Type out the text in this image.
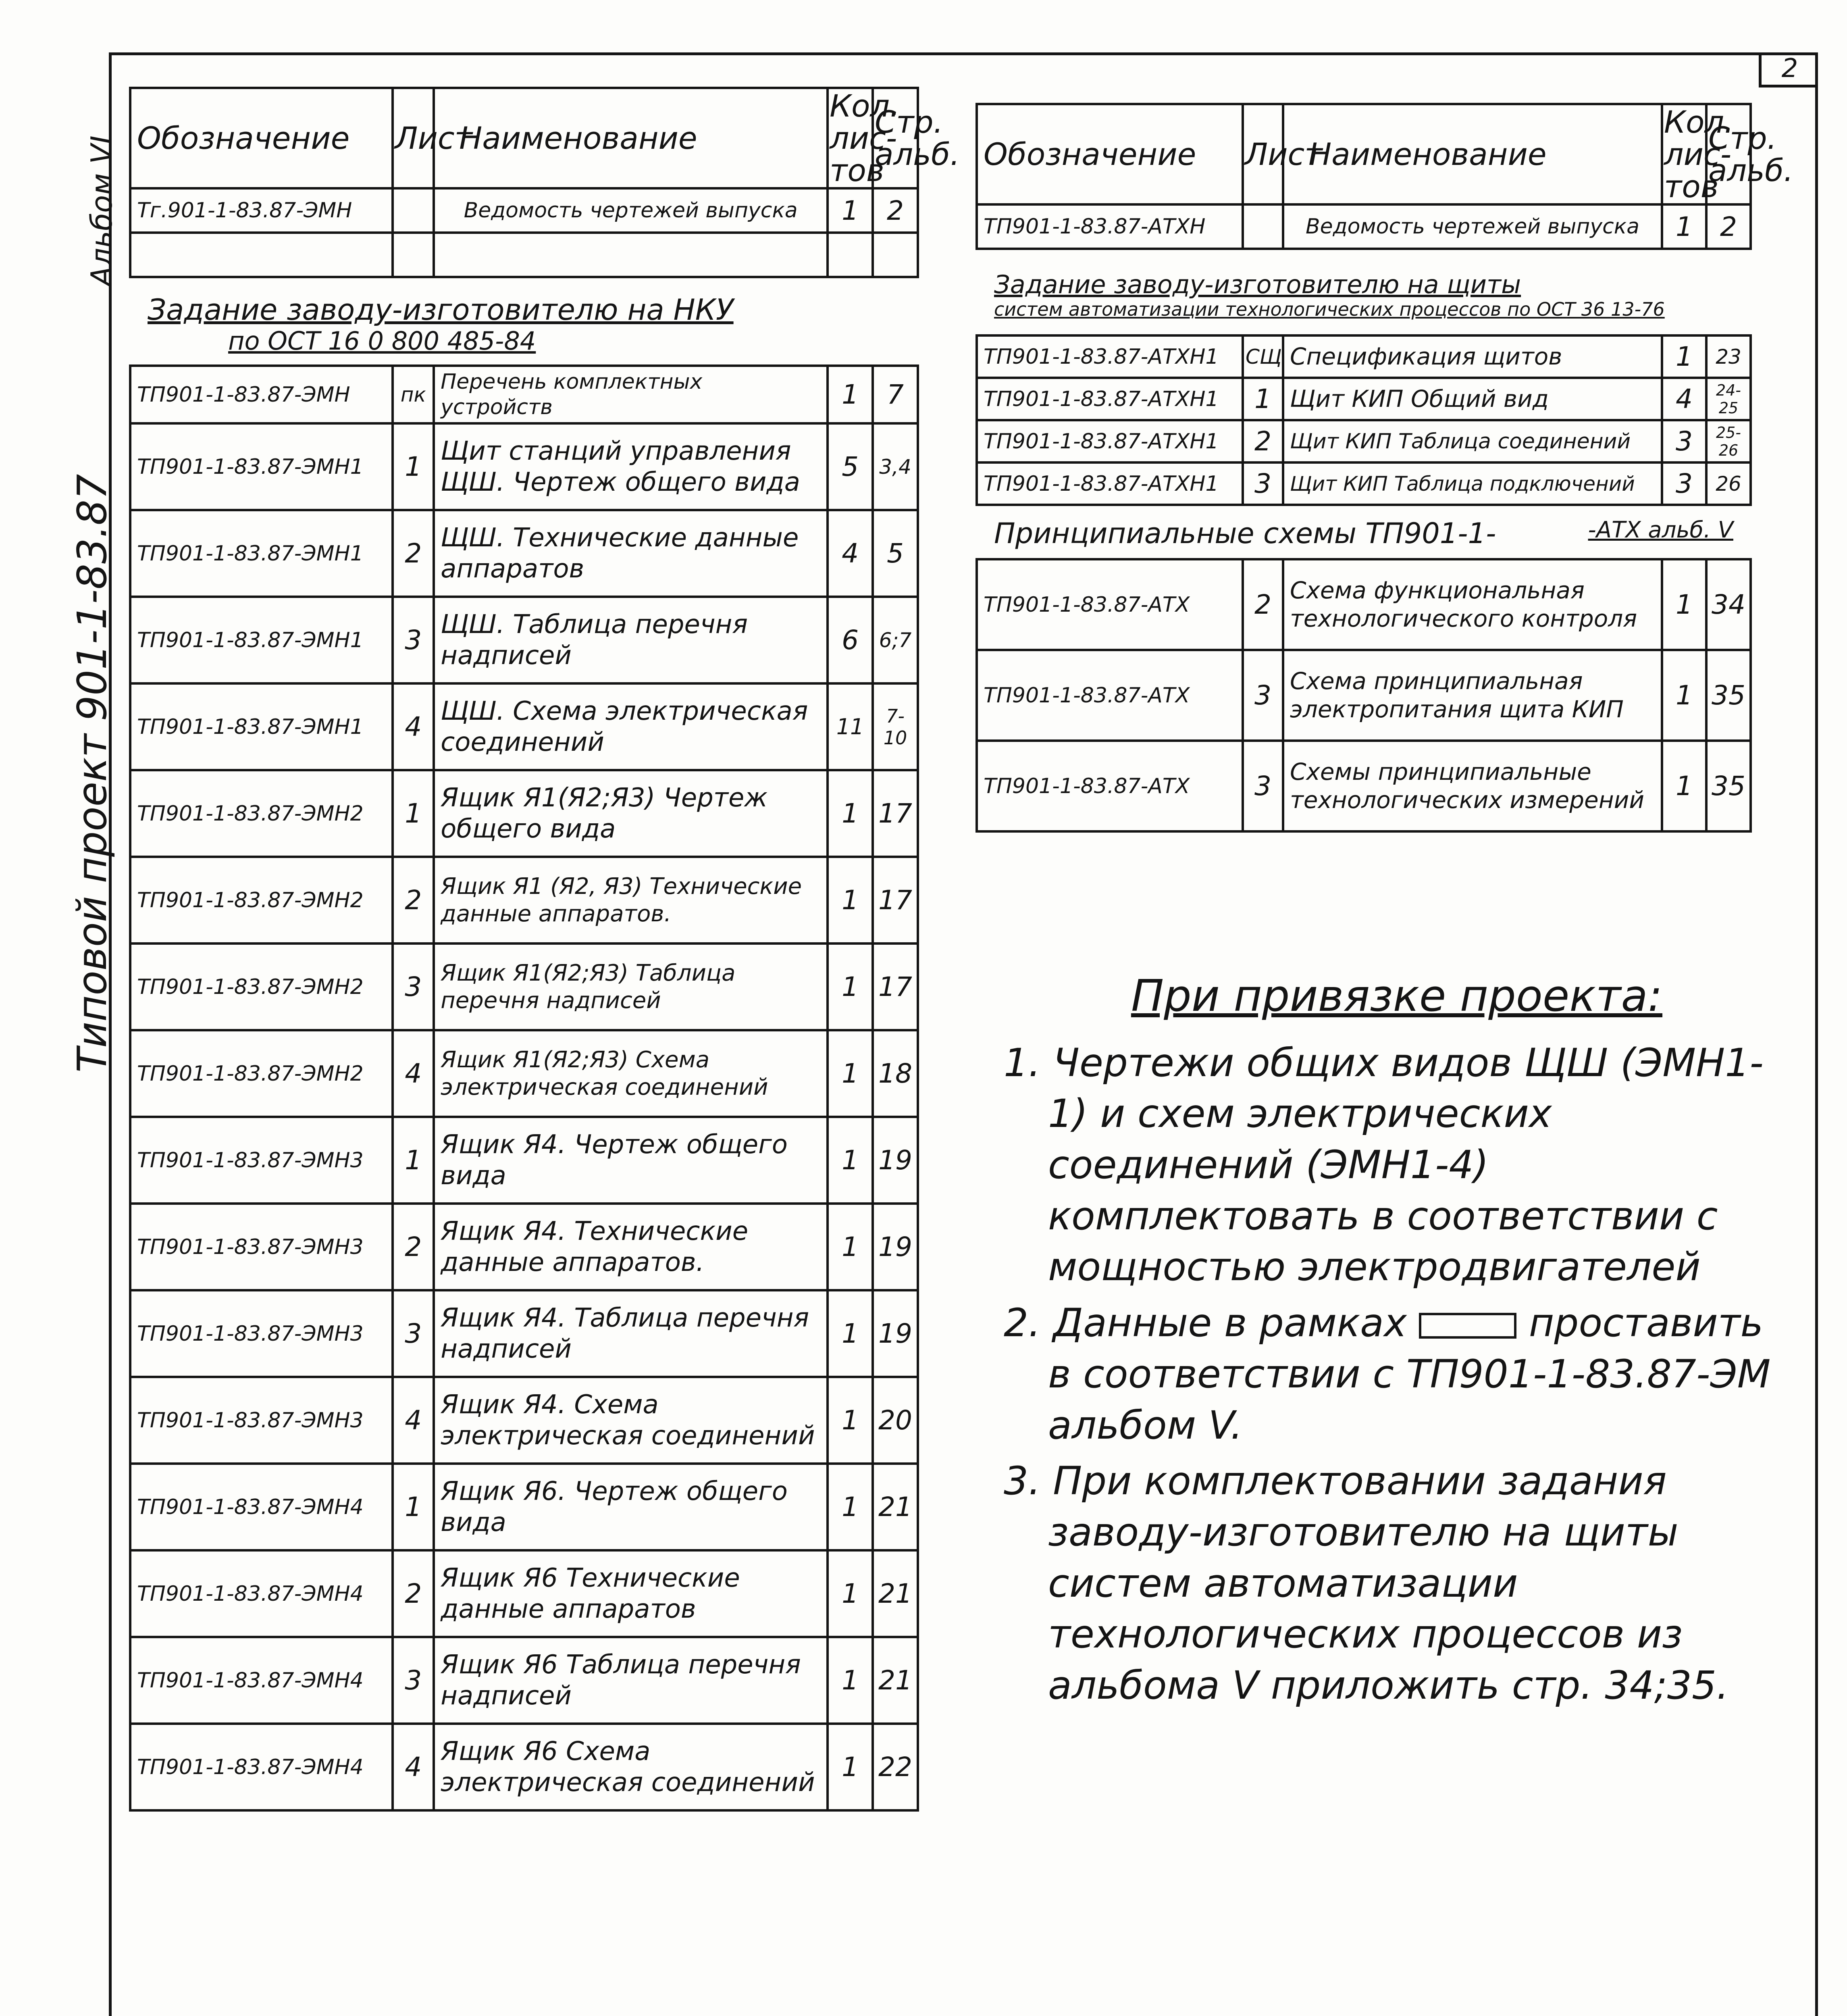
2
Альбом VI
Типовой проект 901-1-83.87
Обозначение	Лист	Наименование	Кол. лис- тов	Стр. альб.
Тг.901-1-83.87-ЭМН		Ведомость чертежей выпуска	1	2

Задание заводу-изготовителю на НКУ
по ОСТ 16 0 800 485-84				

ТП901-1-83.87-ЭМН	пк	Перечень комплектных устройств	1	7
ТП901-1-83.87-ЭМН1	1	Щит станций управления ЩШ. Чертеж общего вида	5	3,4
ТП901-1-83.87-ЭМН1	2	ЩШ. Технические данные аппаратов	4	5
ТП901-1-83.87-ЭМН1	3	ЩШ. Таблица перечня надписей	6	6;7
ТП901-1-83.87-ЭМН1	4	ЩШ. Схема электрическая соединений	11	7-10
ТП901-1-83.87-ЭМН2	1	Ящик Я1(Я2;Я3) Чертеж общего вида	1	17
ТП901-1-83.87-ЭМН2	2	Ящик Я1 (Я2, Я3) Технические данные аппаратов.	1	17
ТП901-1-83.87-ЭМН2	3	Ящик Я1(Я2;Я3) Таблица перечня надписей	1	17
ТП901-1-83.87-ЭМН2	4	Ящик Я1(Я2;Я3) Схема электрическая соединений	1	18
ТП901-1-83.87-ЭМН3	1	Ящик Я4. Чертеж общего вида	1	19
ТП901-1-83.87-ЭМН3	2	Ящик Я4. Технические данные аппаратов.	1	19
ТП901-1-83.87-ЭМН3	3	Ящик Я4. Таблица перечня надписей	1	19
ТП901-1-83.87-ЭМН3	4	Ящик Я4. Схема электрическая соединений	1	20
ТП901-1-83.87-ЭМН4	1	Ящик Я6. Чертеж общего вида	1	21
ТП901-1-83.87-ЭМН4	2	Ящик Я6 Технические данные аппаратов	1	21
ТП901-1-83.87-ЭМН4	3	Ящик Я6 Таблица перечня надписей	1	21
ТП901-1-83.87-ЭМН4	4	Ящик Я6 Схема электрическая соединений	1	22
Обозначение	Лист	Наименование	Кол. лис- тов	Стр. альб.
ТП901-1-83.87-АТХН		Ведомость чертежей выпуска	1	2

Задание заводу-изготовителю на щиты
систем автоматизации технологических процессов по ОСТ 36 13-76				

ТП901-1-83.87-АТХН1	СЩ	Спецификация щитов	1	23
ТП901-1-83.87-АТХН1	1	Щит КИП Общий вид	4	24-25
ТП901-1-83.87-АТХН1	2	Щит КИП Таблица соединений	3	25-26
ТП901-1-83.87-АТХН1	3	Щит КИП Таблица подключений	3	26
Принципиальные схемы ТП901-1- -АТХ альб. V				

ТП901-1-83.87-АТХ	2	Схема функциональная технологического контроля	1	34
ТП901-1-83.87-АТХ	3	Схема принципиальная электропитания щита КИП	1	35
ТП901-1-83.87-АТХ	3	Схемы принципиальные технологических измерений	1	35
При привязке проекта:
1. Чертежи общих видов ЩШ (ЭМН1-1) и схем электрических соединений (ЭМН1-4) комплектовать в соответствии с мощностью электродвигателей
2. Данные в рамках	проставить в соответствии с ТП901-1-83.87-ЭМ альбом V.
3. При комплектовании задания заводу-изготовителю на щиты систем автоматизации технологических процессов из альбома V приложить стр. 34;35.
